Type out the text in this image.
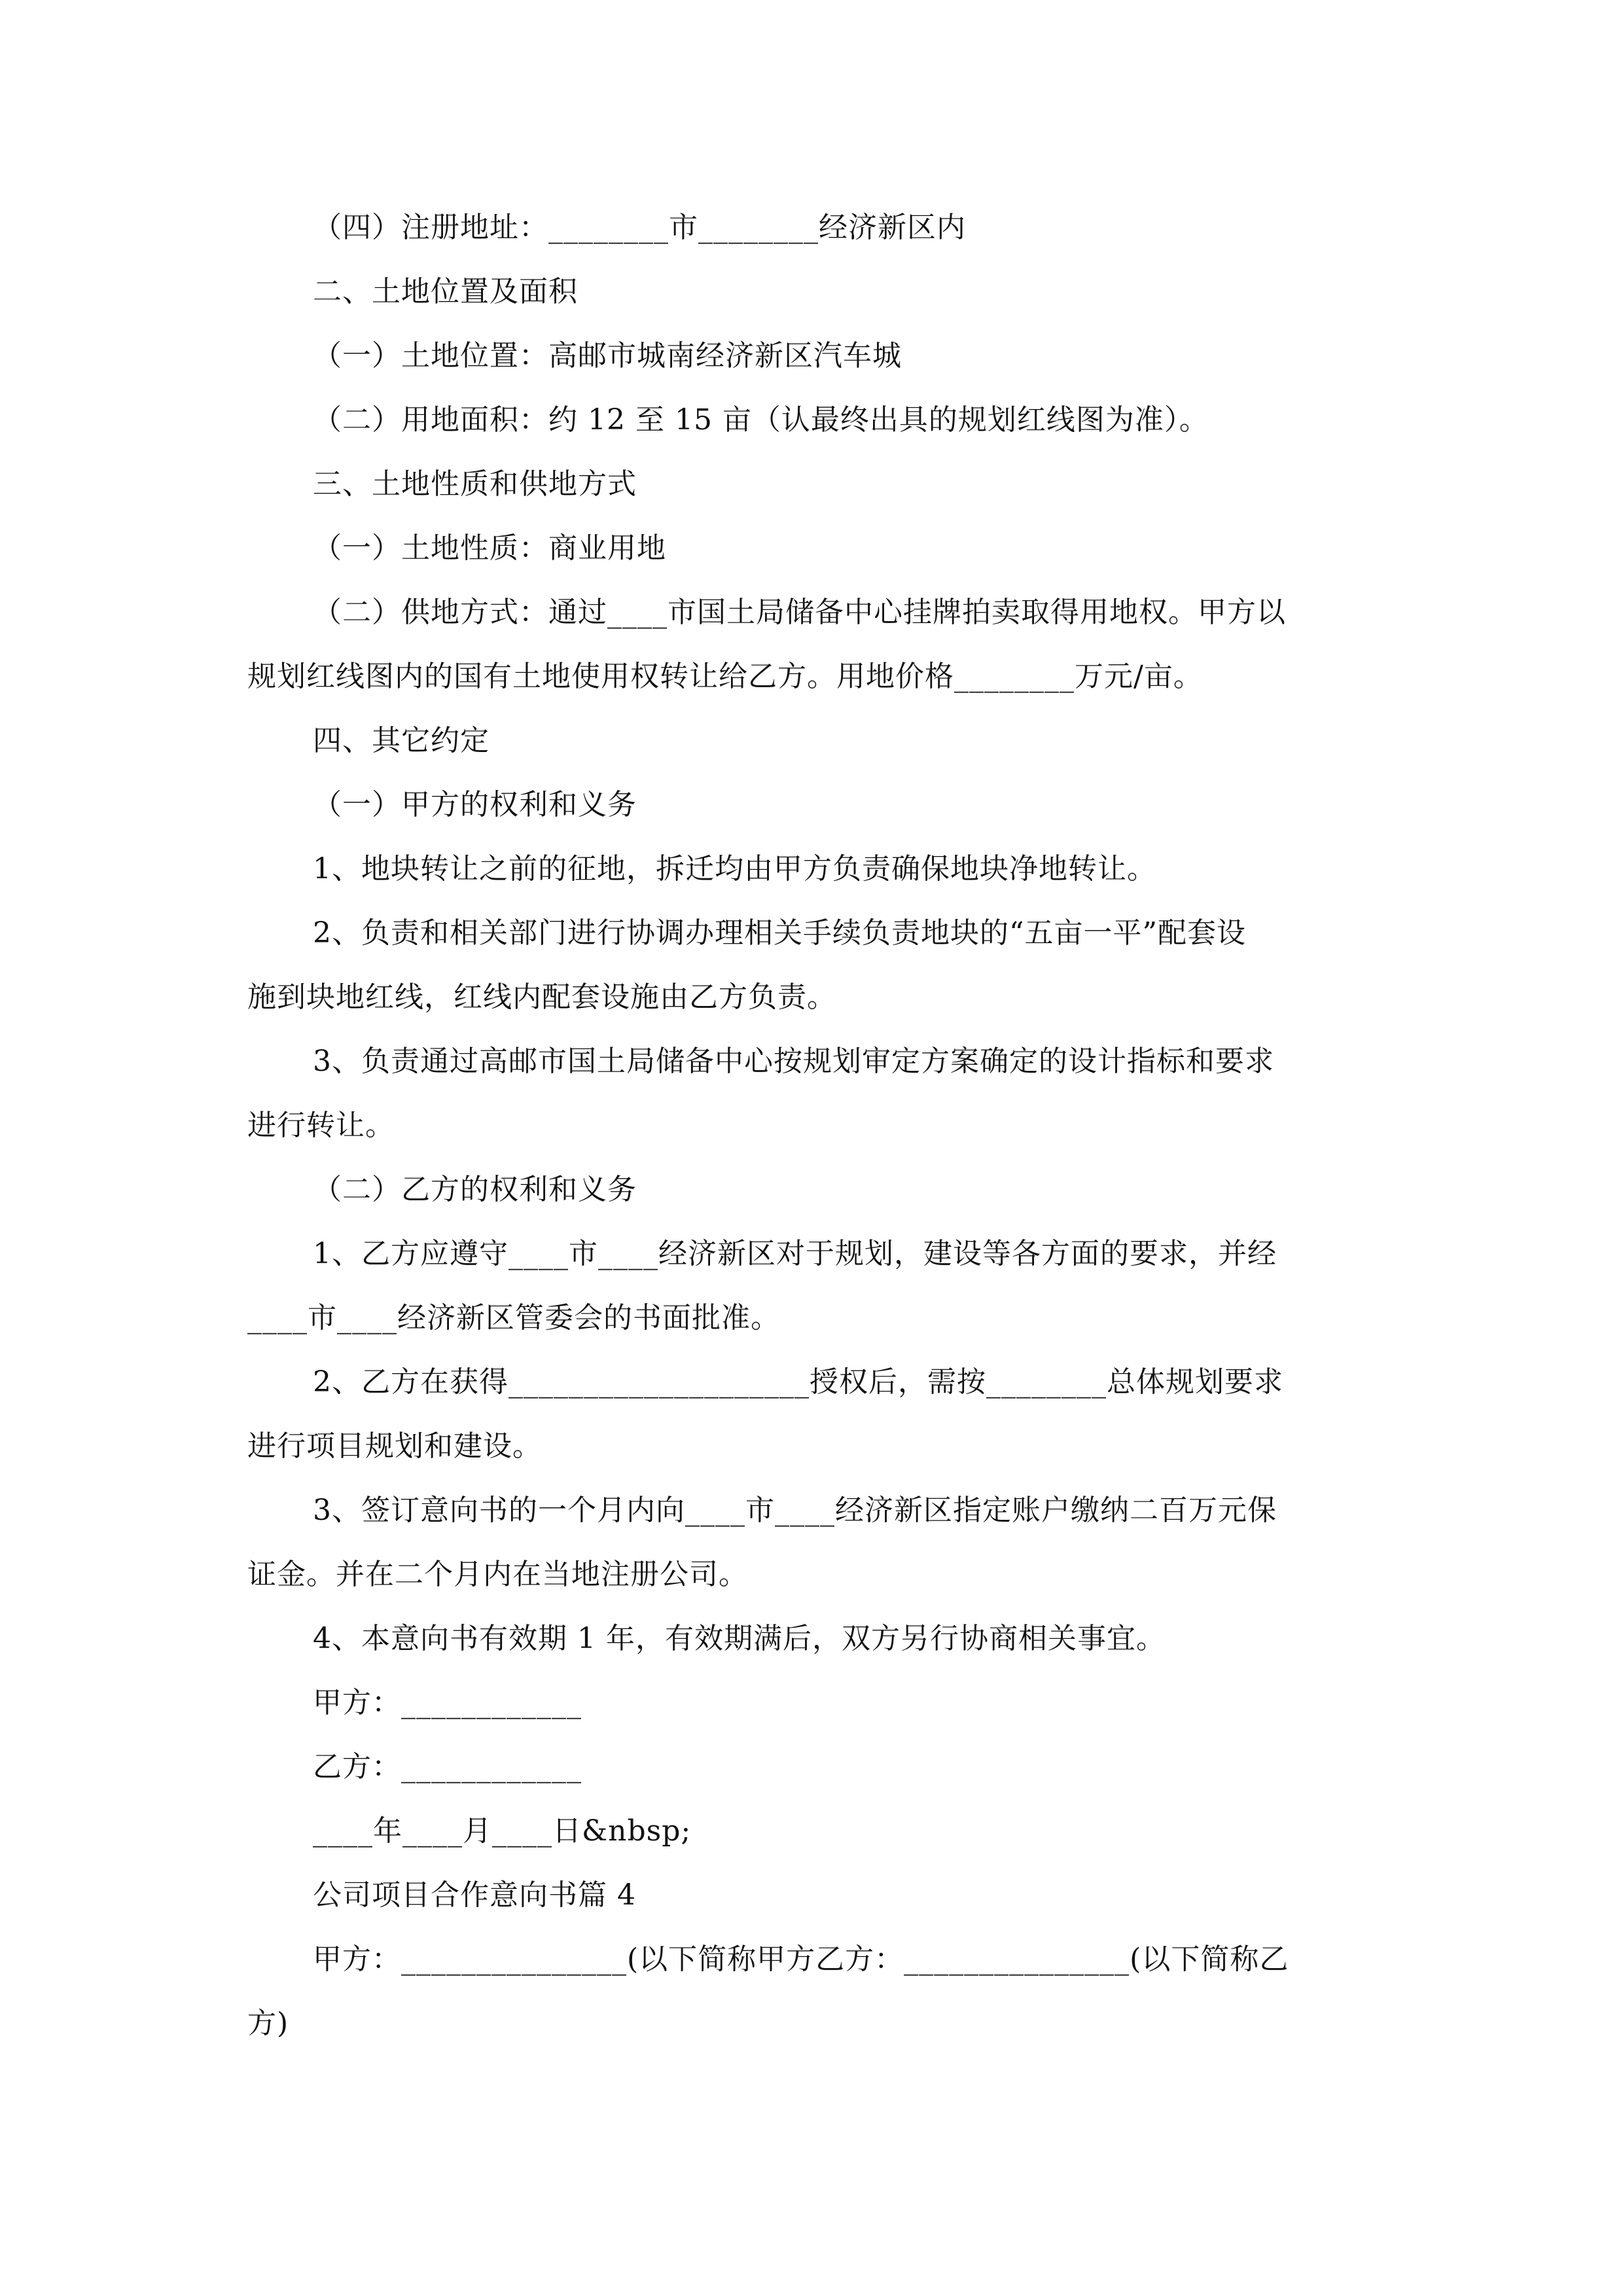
（四）注册地址：________市________经济新区内
二、土地位置及面积
（一）土地位置：高邮市城南经济新区汽车城
（二）用地面积：约 12 至 15 亩（认最终出具的规划红线图为准）。
三、土地性质和供地方式
（一）土地性质：商业用地
（二）供地方式：通过____市国土局储备中心挂牌拍卖取得用地权。甲方以
规划红线图内的国有土地使用权转让给乙方。用地价格________万元/亩。
四、其它约定
（一）甲方的权利和义务
1、地块转让之前的征地，拆迁均由甲方负责确保地块净地转让。
2、负责和相关部门进行协调办理相关手续负责地块的“五亩一平”配套设
施到块地红线，红线内配套设施由乙方负责。
3、负责通过高邮市国土局储备中心按规划审定方案确定的设计指标和要求
进行转让。
（二）乙方的权利和义务
1、乙方应遵守____市____经济新区对于规划，建设等各方面的要求，并经
____市____经济新区管委会的书面批准。
2、乙方在获得____________________授权后，需按________总体规划要求
进行项目规划和建设。
3、签订意向书的一个月内向____市____经济新区指定账户缴纳二百万元保
证金。并在二个月内在当地注册公司。
4、本意向书有效期 1 年，有效期满后，双方另行协商相关事宜。
甲方：____________
乙方：____________
____年____月____日&nbsp;
公司项目合作意向书篇 4
甲方：_______________(以下简称甲方乙方：_______________(以下简称乙
方)
